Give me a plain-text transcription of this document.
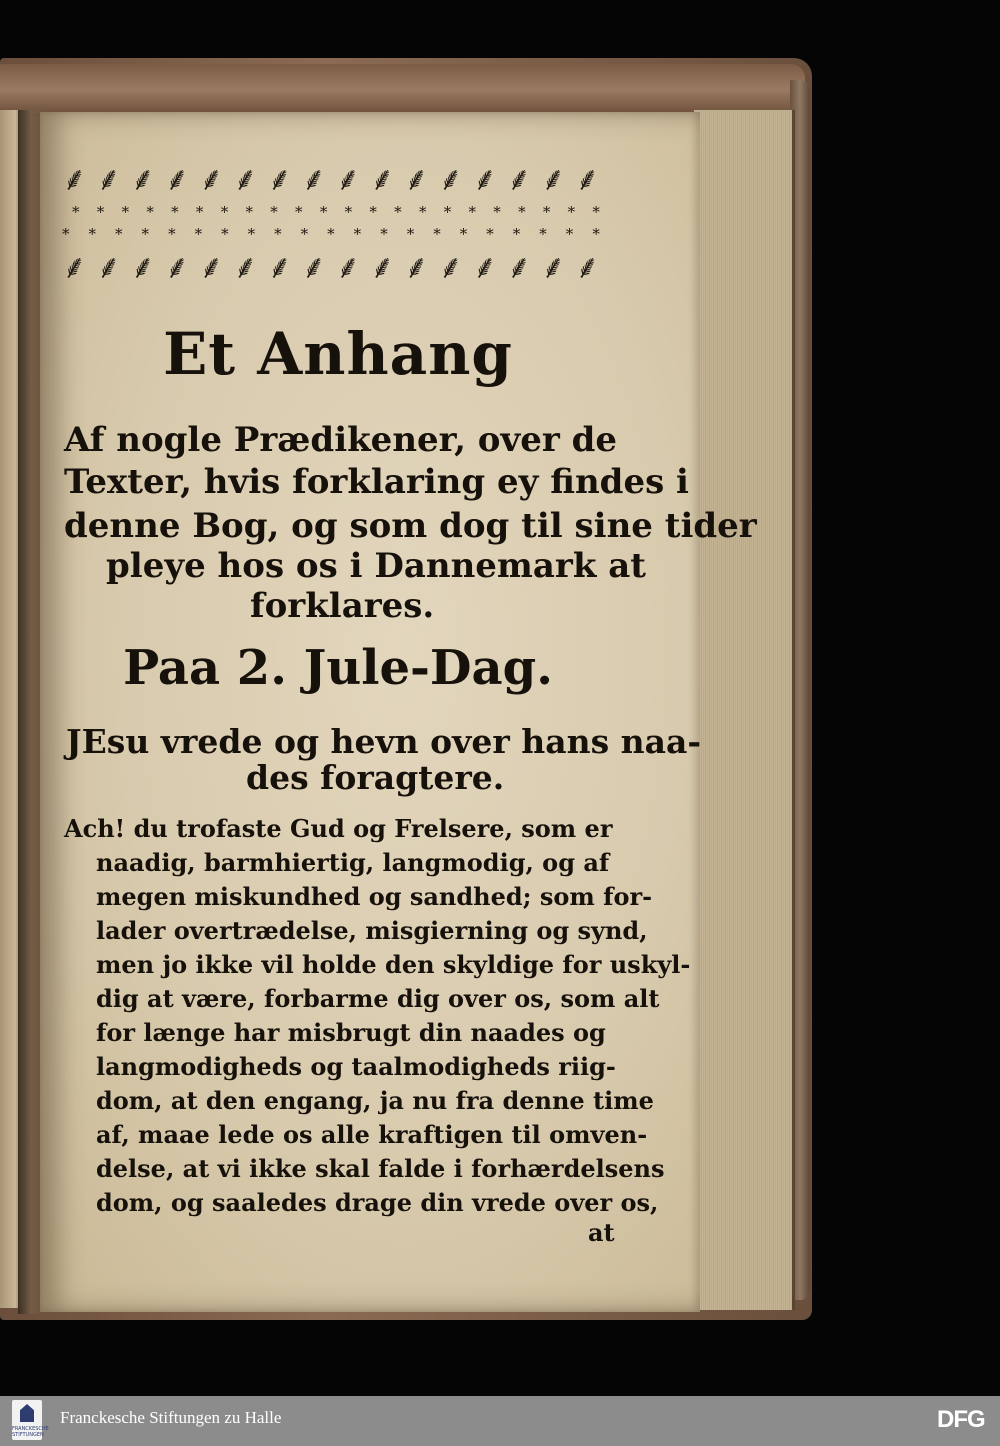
⸙ ⸙ ⸙ ⸙ ⸙ ⸙ ⸙ ⸙ ⸙ ⸙ ⸙ ⸙ ⸙ ⸙ ⸙ ⸙
* * * * * * * * * * * * * * * * * * * * * *
* * * * * * * * * * * * * * * * * * * * *
⸙ ⸙ ⸙ ⸙ ⸙ ⸙ ⸙ ⸙ ⸙ ⸙ ⸙ ⸙ ⸙ ⸙ ⸙ ⸙
Et Anhang
Af nogle Prædikener, over de
Texter, hvis forklaring ey findes i
denne Bog, og som dog til sine tider
pleye hos os i Dannemark at
forklares.
Paa 2. Jule-Dag.
JEsu vrede og hevn over hans naa-
des foragtere.
Ach! du trofaste Gud og Frelsere, som er
naadig, barmhiertig, langmodig, og af
megen miskundhed og sandhed; som for-
lader overtrædelse, misgierning og synd,
men jo ikke vil holde den skyldige for uskyl-
dig at være, forbarme dig over os, som alt
for længe har misbrugt din naades og
langmodigheds og taalmodigheds riig-
dom, at den engang, ja nu fra denne time
af, maae lede os alle kraftigen til omven-
delse, at vi ikke skal falde i forhærdelsens
dom, og saaledes drage din vrede over os,
at
FRANCKESCHE STIFTUNGEN
Franckesche Stiftungen zu Halle	DFG
